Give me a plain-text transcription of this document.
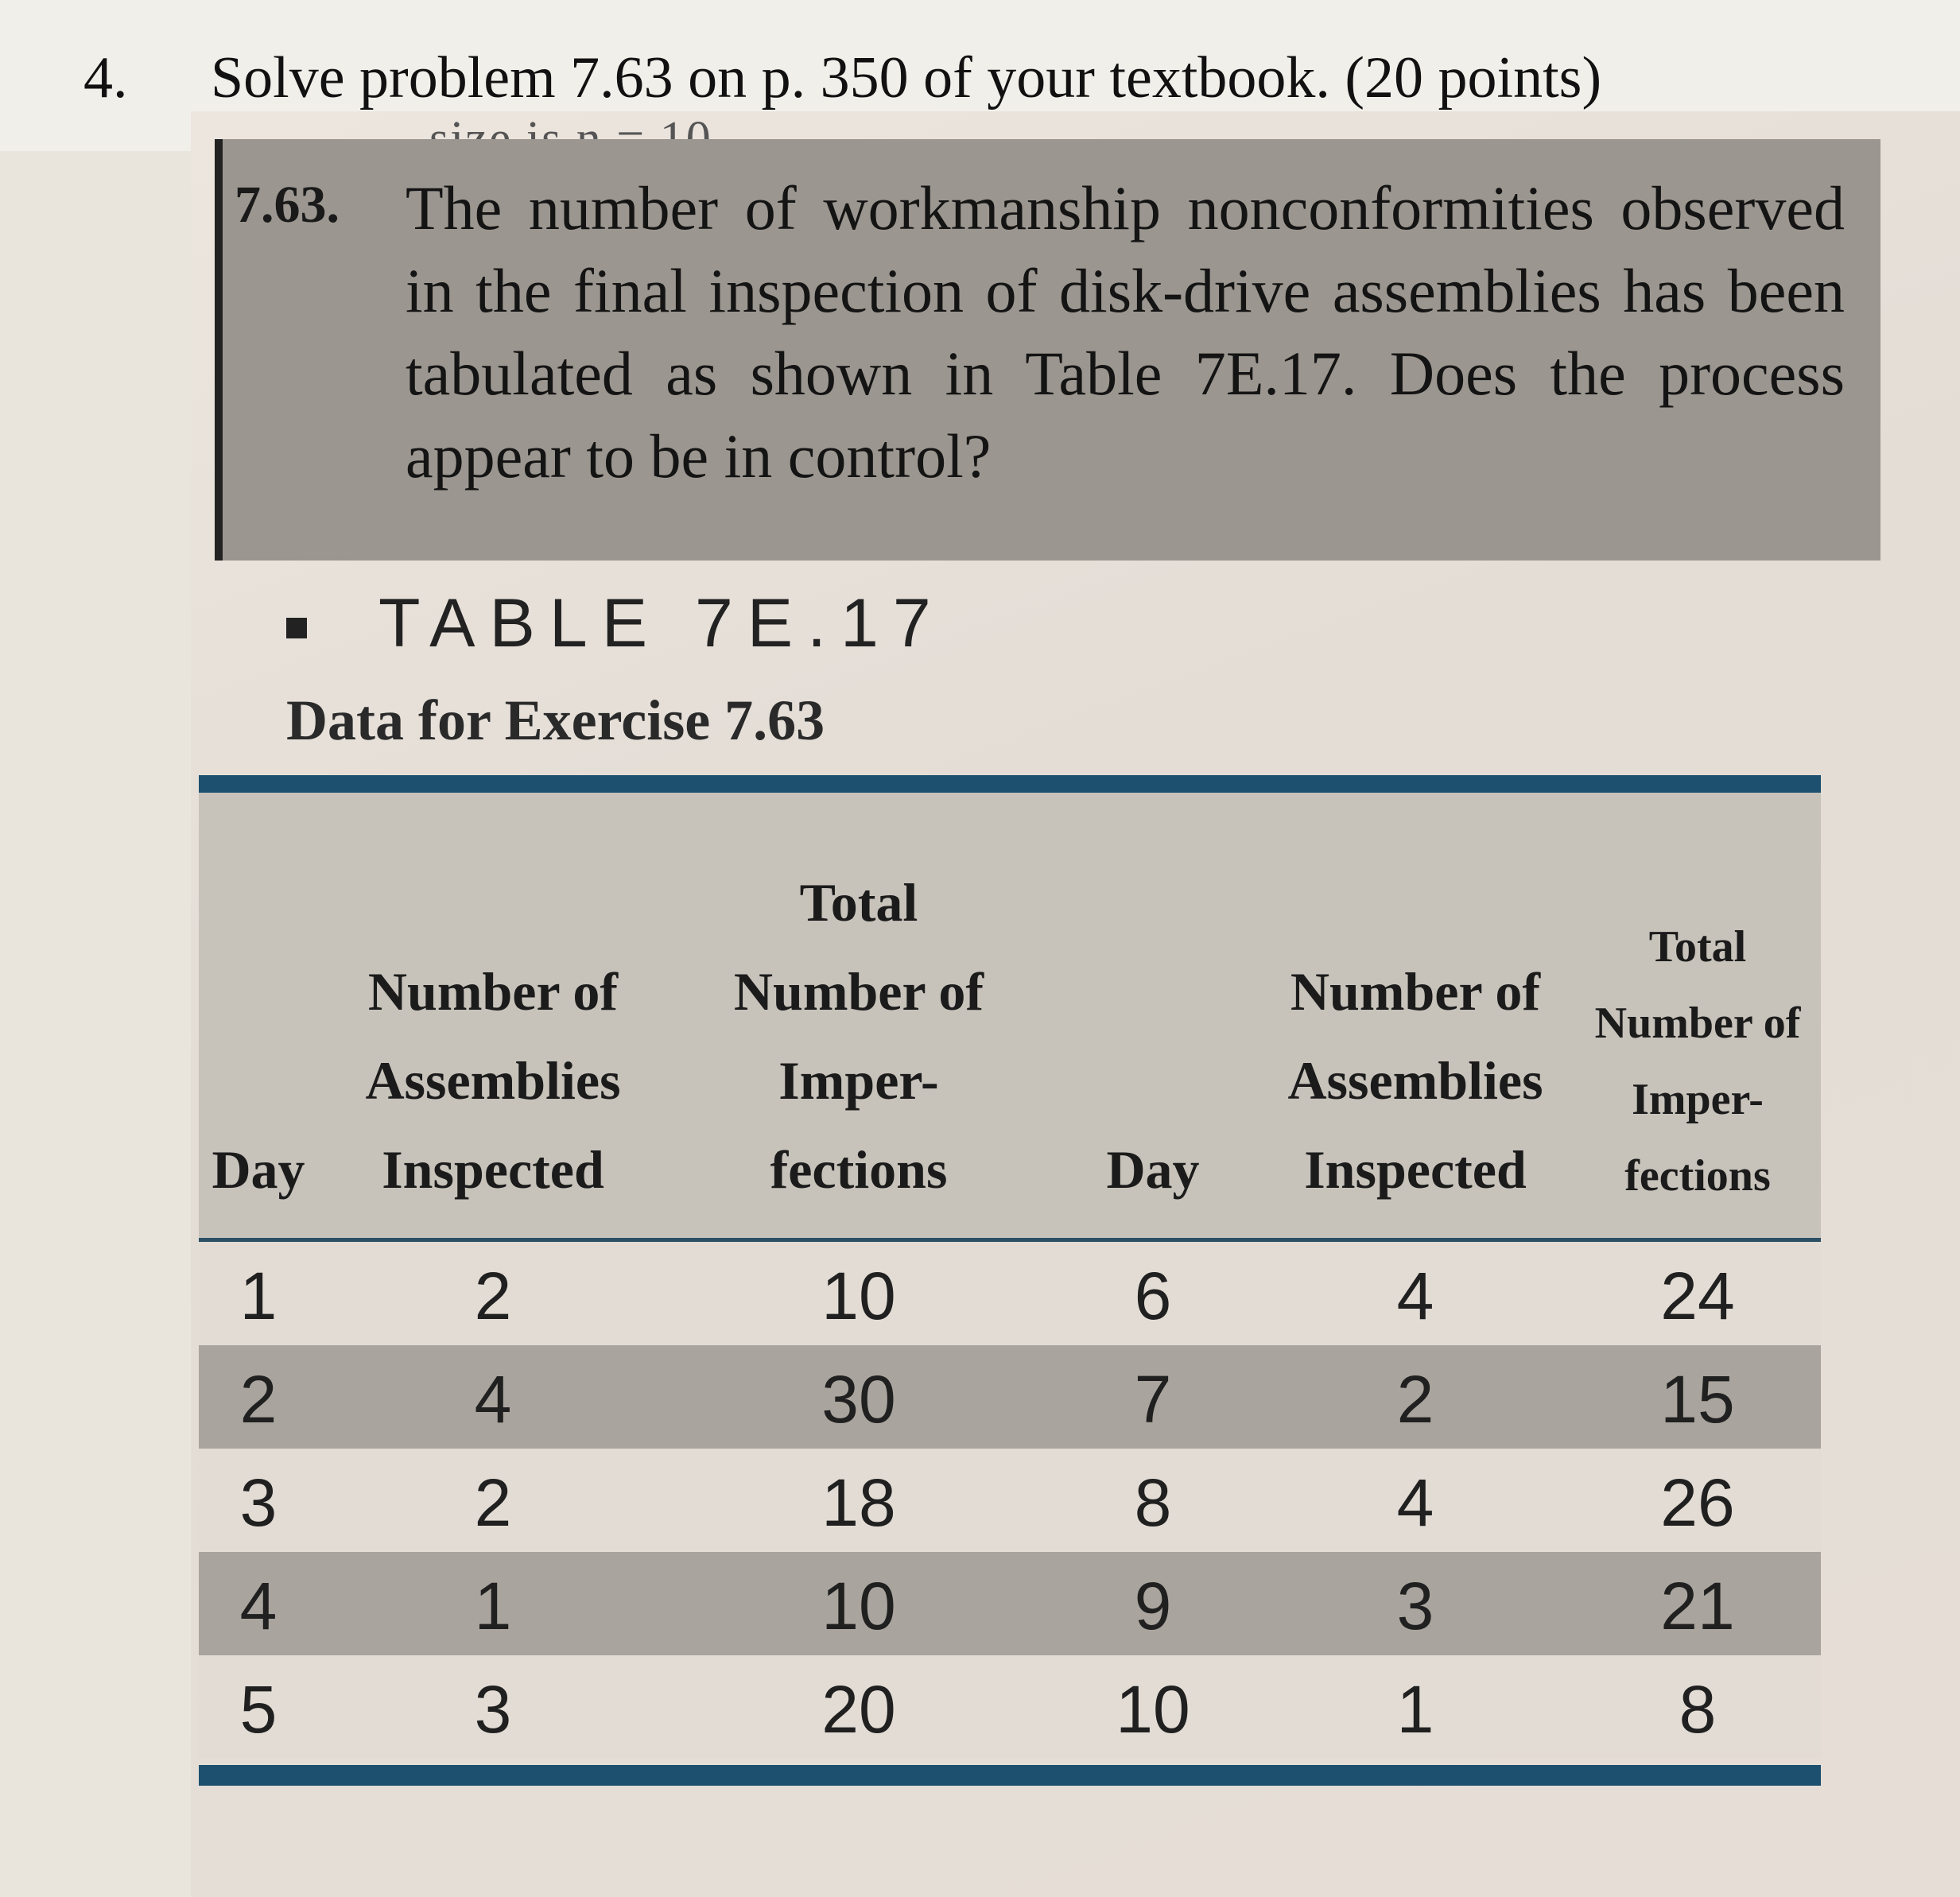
4. Solve problem 7.63 on p. 350 of your textbook. (20 points)
7.63. The number of workmanship nonconformities observed in the final inspection of disk-drive assemblies has been tabulated as shown in Table 7E.17. Does the process appear to be in control?
TABLE 7E.17
Data for Exercise 7.63
Day
Number of
Assemblies
Inspected
Total
Number of
Imper-
fections	Day
Number of
Assemblies
Inspected
Total
Number of
Imper-
fections
1	2	10	6	4	24
2	4	30	7	2	15
3	2	18	8	4	26
4	1	10	9	3	21
5	3	20	10	1	8
